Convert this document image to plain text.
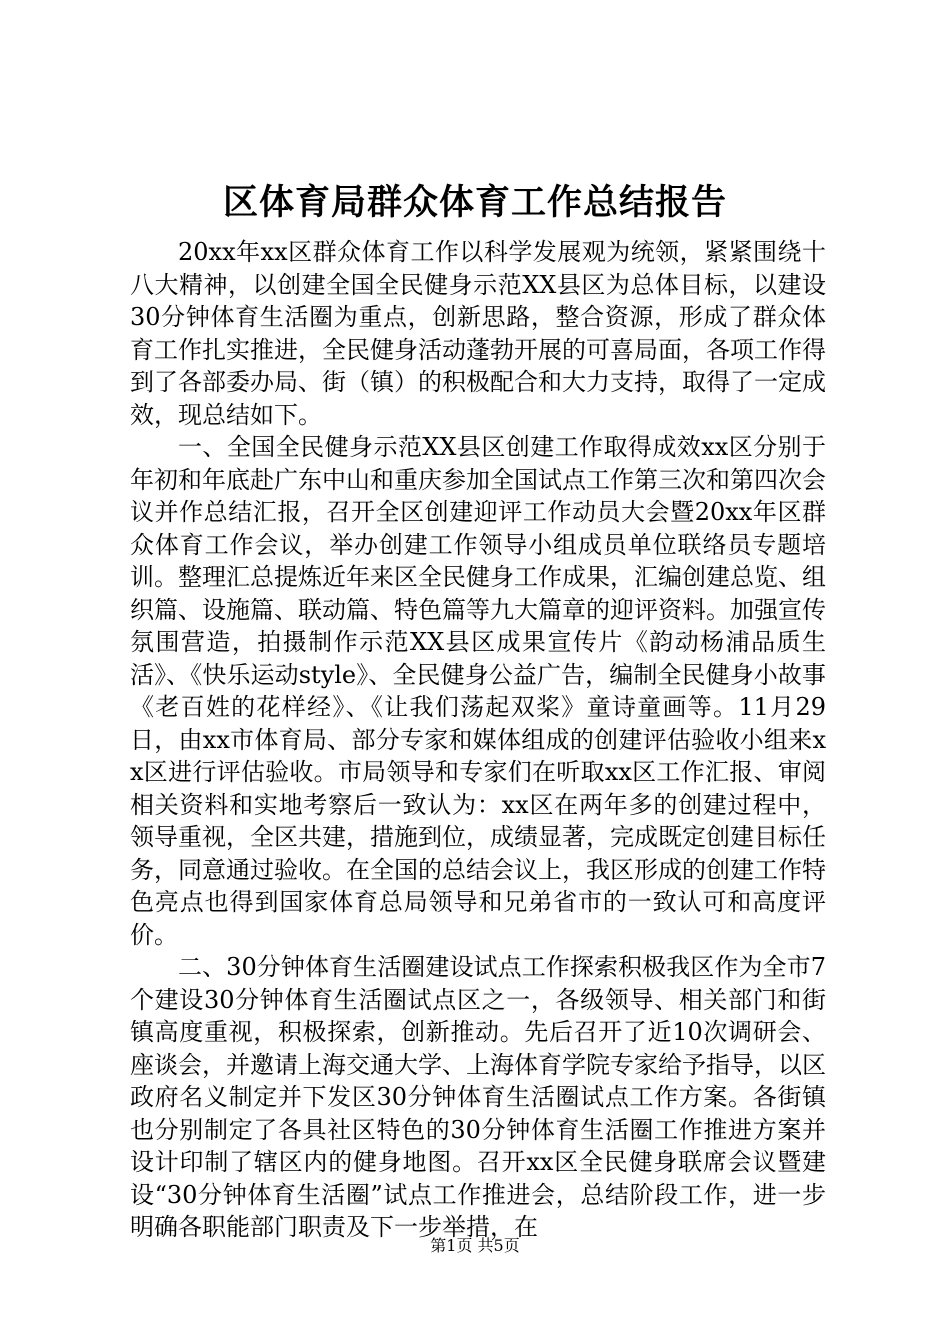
区体育局群众体育工作总结报告

20xx年xx区群众体育工作以科学发展观为统领，紧紧围绕十八大精神，以创建全国全民健身示范XX县区为总体目标，以建设30分钟体育生活圈为重点，创新思路，整合资源，形成了群众体育工作扎实推进，全民健身活动蓬勃开展的可喜局面，各项工作得到了各部委办局、街（镇）的积极配合和大力支持，取得了一定成效，现总结如下。

一、全国全民健身示范XX县区创建工作取得成效xx区分别于年初和年底赴广东中山和重庆参加全国试点工作第三次和第四次会议并作总结汇报，召开全区创建迎评工作动员大会暨20xx年区群众体育工作会议，举办创建工作领导小组成员单位联络员专题培训。整理汇总提炼近年来区全民健身工作成果，汇编创建总览、组织篇、设施篇、联动篇、特色篇等九大篇章的迎评资料。加强宣传氛围营造，拍摄制作示范XX县区成果宣传片《韵动杨浦品质生活》、《快乐运动style》、全民健身公益广告，编制全民健身小故事《老百姓的花样经》、《让我们荡起双桨》童诗童画等。11月29日，由xx市体育局、部分专家和媒体组成的创建评估验收小组来xx区进行评估验收。市局领导和专家们在听取xx区工作汇报、审阅相关资料和实地考察后一致认为：xx区在两年多的创建过程中，领导重视，全区共建，措施到位，成绩显著，完成既定创建目标任务，同意通过验收。在全国的总结会议上，我区形成的创建工作特色亮点也得到国家体育总局领导和兄弟省市的一致认可和高度评价。

二、30分钟体育生活圈建设试点工作探索积极我区作为全市7个建设30分钟体育生活圈试点区之一，各级领导、相关部门和街镇高度重视，积极探索，创新推动。先后召开了近10次调研会、座谈会，并邀请上海交通大学、上海体育学院专家给予指导，以区政府名义制定并下发区30分钟体育生活圈试点工作方案。各街镇也分别制定了各具社区特色的30分钟体育生活圈工作推进方案并设计印制了辖区内的健身地图。召开xx区全民健身联席会议暨建设“30分钟体育生活圈”试点工作推进会，总结阶段工作，进一步明确各职能部门职责及下一步举措，在

第1页 共5页
